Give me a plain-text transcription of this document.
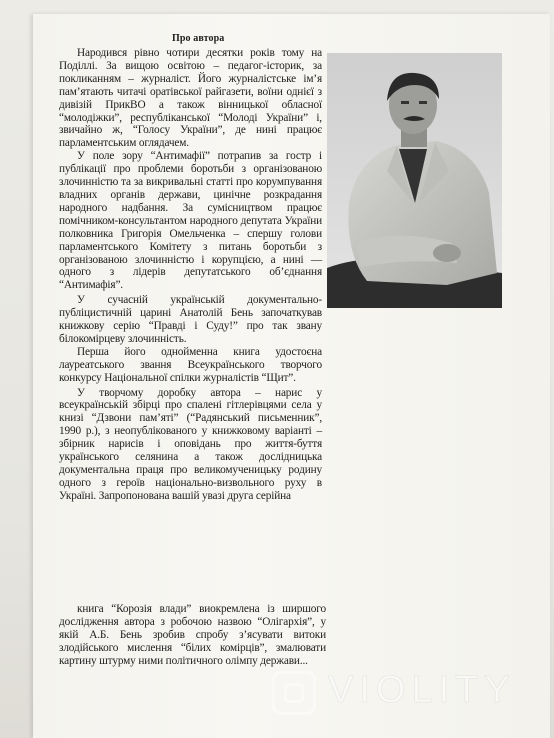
Про автора

Народився рівно чотири десятки років тому на Поділлі. За вищою освітою – педагог-історик, за покликанням – журналіст. Його журналістське ім’я пам’ятають читачі оратівської райгазети, воїни однієї з дивізій ПрикВО а також вінницької обласної “молодіжки”, республіканської “Молоді України” і, звичайно ж, “Голосу України”, де нині працює парламентським оглядачем.

У поле зору “Антимафії” потрапив за гостр і публікації про проблеми боротьби з організованою злочинністю та за викривальні статті про корумпування владних органів держави, цинічне розкрадання народного надбання. За сумісництвом працює помічником-консультантом народного депутата України полковника Григорія Омельченка – спершу голови парламентського Комітету з питань боротьби з організованою злочинністю і корупцією, а нині — одного з лідерів депутатського об’єднання “Антимафія”.

У сучасній українській документально-публіцистичній царині Анатолій Бень започаткував книжкову серію “Правді і Суду!” про так звану білокомірцеву злочинність.

Перша його однойменна книга удостоєна лауреатського звання Всеукраїнського творчого конкурсу Національної спілки журналістів “Щит”.

У творчому доробку автора – нарис у всеукраїнській збірці про спалені гітлерівцями села у книзі “Дзвони пам’яті” (“Радянський письменник”, 1990 р.), з неопублікованого у книжковому варіанті – збірник нарисів і оповідань про життя-буття українського селянина а також дослідницька документальна праця про великомученицьку родину одного з героїв національно-визвольного руху в Україні. Запропонована вашій увазі друга серійна

книга “Корозія влади” виокремлена із ширшого дослідження автора з робочою назвою “Олігархія”, у якій А.Б. Бень зробив спробу з’ясувати витоки злодійського мислення “білих комірців”, змалювати картину штурму ними політичного олімпу держави...

VIOLITY
